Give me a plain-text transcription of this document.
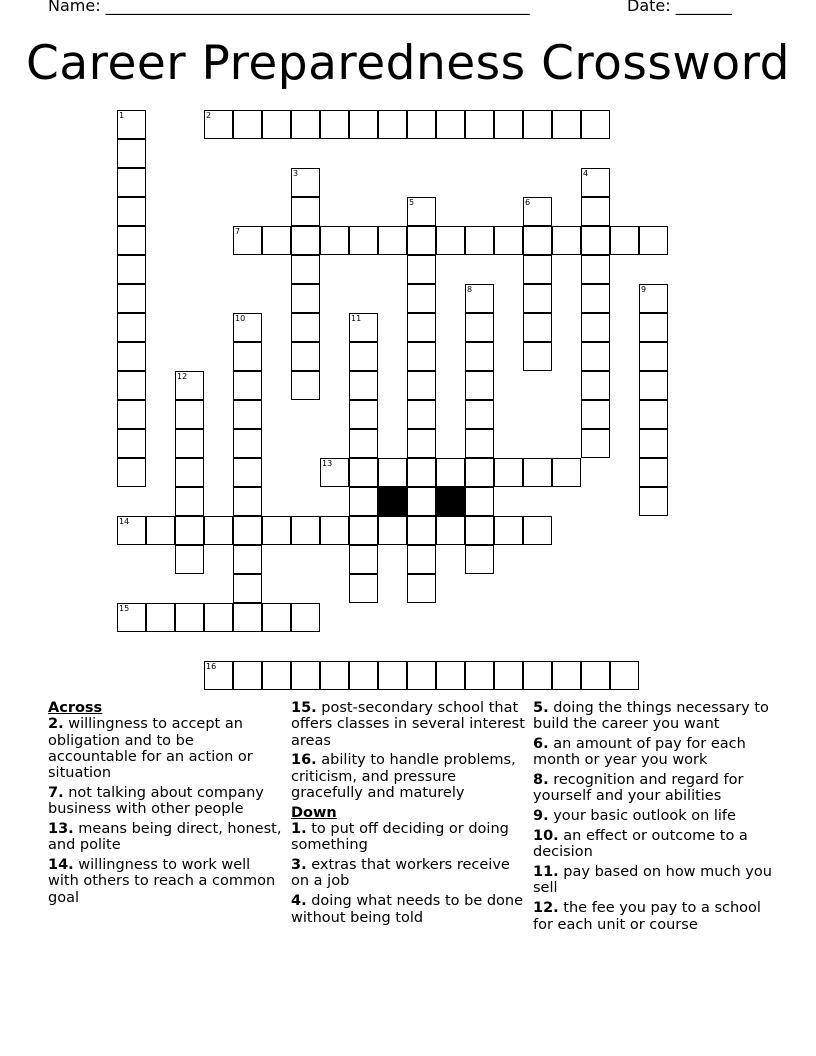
Name: _____________________________________________________	Date: _______
Career Preparedness Crossword
1	2
3	4
5	6
7
8	9
10	11
12
13
14
15
16
Across
2. willingness to accept an obligation and to be accountable for an action or situation
7. not talking about company business with other people
13. means being direct, honest, and polite
14. willingness to work well with others to reach a common goal
15. post-secondary school that offers classes in several interest areas
16. ability to handle problems, criticism, and pressure gracefully and maturely
Down
1. to put off deciding or doing something
3. extras that workers receive on a job
4. doing what needs to be done without being told
5. doing the things necessary to build the career you want
6. an amount of pay for each month or year you work
8. recognition and regard for yourself and your abilities
9. your basic outlook on life
10. an effect or outcome to a decision
11. pay based on how much you sell
12. the fee you pay to a school for each unit or course
